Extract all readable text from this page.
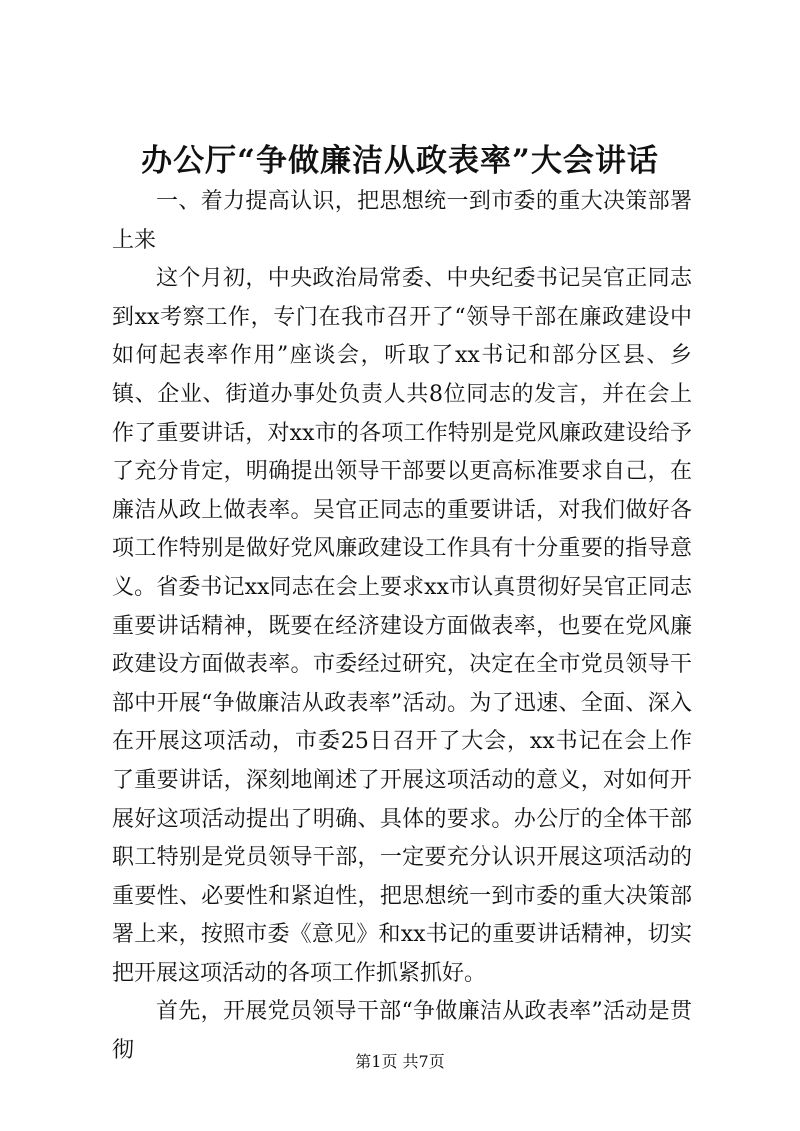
办公厅“争做廉洁从政表率”大会讲话

一、着力提高认识，把思想统一到市委的重大决策部署上来

这个月初，中央政治局常委、中央纪委书记吴官正同志到xx考察工作，专门在我市召开了“领导干部在廉政建设中如何起表率作用”座谈会，听取了xx书记和部分区县、乡镇、企业、街道办事处负责人共8位同志的发言，并在会上作了重要讲话，对xx市的各项工作特别是党风廉政建设给予了充分肯定，明确提出领导干部要以更高标准要求自己，在廉洁从政上做表率。吴官正同志的重要讲话，对我们做好各项工作特别是做好党风廉政建设工作具有十分重要的指导意义。省委书记xx同志在会上要求xx市认真贯彻好吴官正同志重要讲话精神，既要在经济建设方面做表率，也要在党风廉政建设方面做表率。市委经过研究，决定在全市党员领导干部中开展“争做廉洁从政表率”活动。为了迅速、全面、深入在开展这项活动，市委25日召开了大会，xx书记在会上作了重要讲话，深刻地阐述了开展这项活动的意义，对如何开展好这项活动提出了明确、具体的要求。办公厅的全体干部职工特别是党员领导干部，一定要充分认识开展这项活动的重要性、必要性和紧迫性，把思想统一到市委的重大决策部署上来，按照市委《意见》和xx书记的重要讲话精神，切实把开展这项活动的各项工作抓紧抓好。

首先，开展党员领导干部“争做廉洁从政表率”活动是贯彻	第1页 共7页
